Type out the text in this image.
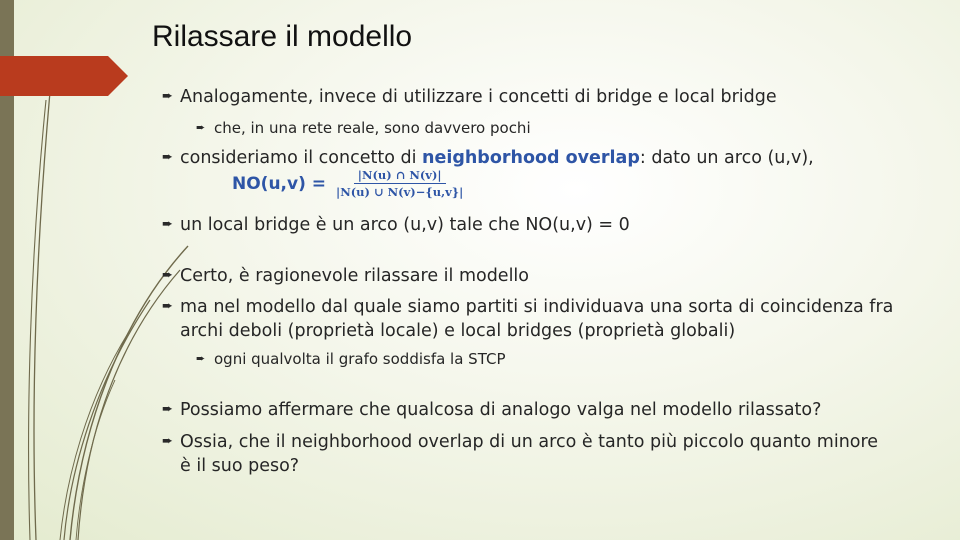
Rilassare il modello
➨ Analogamente, invece di utilizzare i concetti di bridge e local bridge
➨ che, in una rete reale, sono davvero pochi
➨ consideriamo il concetto di neighborhood overlap: dato un arco (u,v),
$NO(u,v) = \frac{|N(u) \cap N(v)|}{|N(u) \cup N(v)-\{u,v\}|}$
➨ un local bridge è un arco (u,v) tale che NO(u,v) = 0
➨ Certo, è ragionevole rilassare il modello
➨ ma nel modello dal quale siamo partiti si individuava una sorta di coincidenza fra
archi deboli (proprietà locale) e local bridges (proprietà globali)
➨ ogni qualvolta il grafo soddisfa la STCP
➨ Possiamo affermare che qualcosa di analogo valga nel modello rilassato?
➨ Ossia, che il neighborhood overlap di un arco è tanto più piccolo quanto minore
è il suo peso?
